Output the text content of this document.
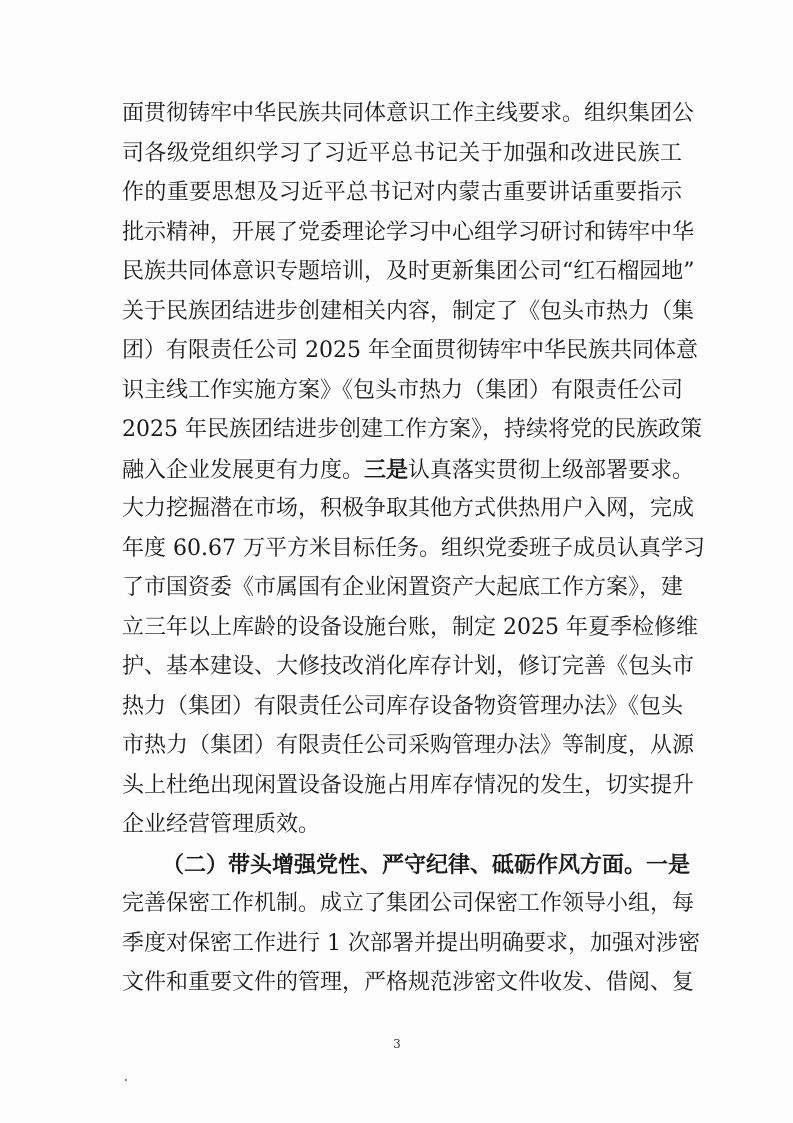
面贯彻铸牢中华民族共同体意识工作主线要求。组织集团公
司各级党组织学习了习近平总书记关于加强和改进民族工
作的重要思想及习近平总书记对内蒙古重要讲话重要指示
批示精神，开展了党委理论学习中心组学习研讨和铸牢中华
民族共同体意识专题培训，及时更新集团公司“红石榴园地”
关于民族团结进步创建相关内容，制定了《包头市热力（集
团）有限责任公司 2025 年全面贯彻铸牢中华民族共同体意
识主线工作实施方案》《包头市热力（集团）有限责任公司
2025 年民族团结进步创建工作方案》，持续将党的民族政策
融入企业发展更有力度。三是认真落实贯彻上级部署要求。
大力挖掘潜在市场，积极争取其他方式供热用户入网，完成
年度 60.67 万平方米目标任务。组织党委班子成员认真学习
了市国资委《市属国有企业闲置资产大起底工作方案》，建
立三年以上库龄的设备设施台账，制定 2025 年夏季检修维
护、基本建设、大修技改消化库存计划，修订完善《包头市
热力（集团）有限责任公司库存设备物资管理办法》《包头
市热力（集团）有限责任公司采购管理办法》等制度，从源
头上杜绝出现闲置设备设施占用库存情况的发生，切实提升
企业经营管理质效。
（二）带头增强党性、严守纪律、砥砺作风方面。一是
完善保密工作机制。成立了集团公司保密工作领导小组，每
季度对保密工作进行 1 次部署并提出明确要求，加强对涉密
文件和重要文件的管理，严格规范涉密文件收发、借阅、复
3
